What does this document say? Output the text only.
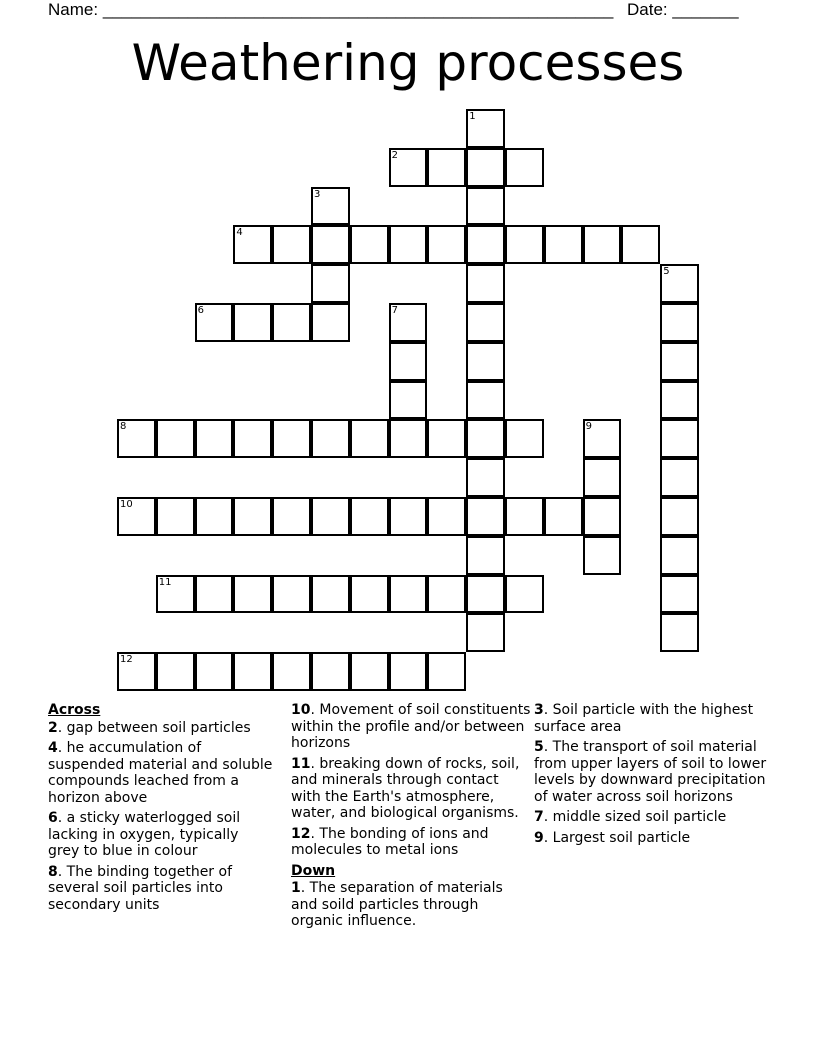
Name: ______________________________________________________ Date: _______
Weathering processes
2
4
6
8
10
11
12
1
3
5
7
9
Across
2. gap between soil particles
4. he accumulation of suspended material and soluble compounds leached from a horizon above
6. a sticky waterlogged soil lacking in oxygen, typically grey to blue in colour
8. The binding together of several soil particles into secondary units
10. Movement of soil constituents within the profile and/or between horizons
11. breaking down of rocks, soil, and minerals through contact with the Earth's atmosphere, water, and biological organisms.
12. The bonding of ions and molecules to metal ions
Down
1. The separation of materials and soild particles through organic influence.
3. Soil particle with the highest surface area
5. The transport of soil material from upper layers of soil to lower levels by downward precipitation of water across soil horizons
7. middle sized soil particle
9. Largest soil particle
